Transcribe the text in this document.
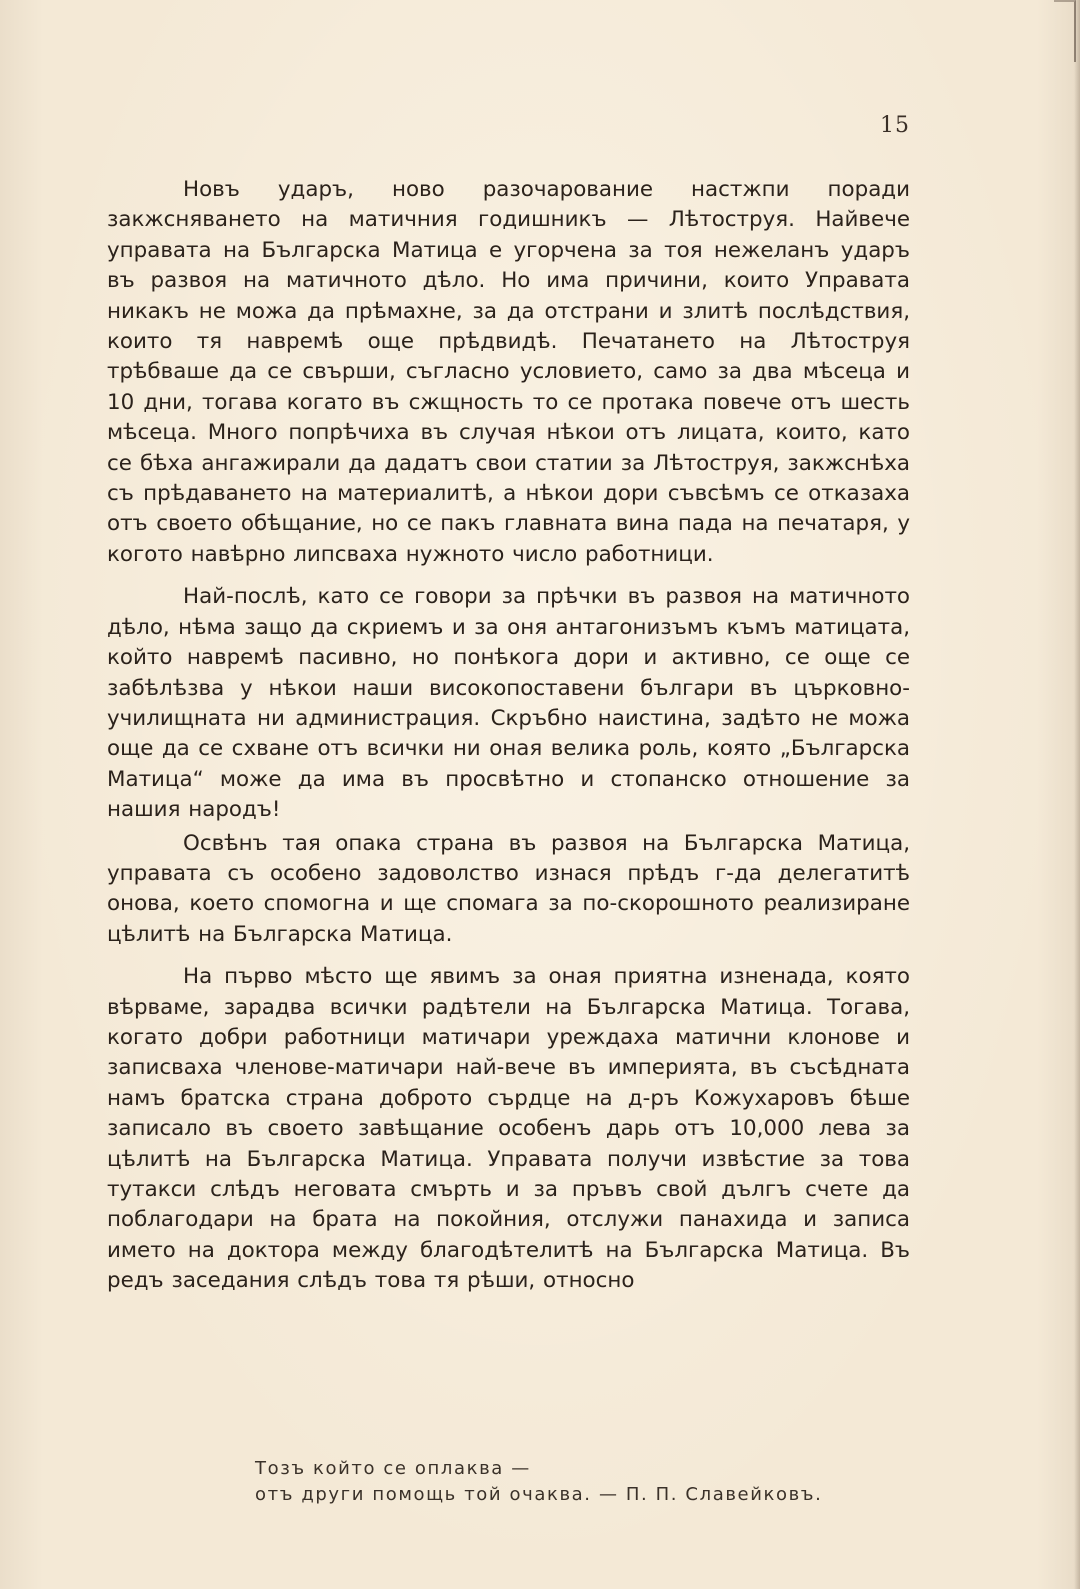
15

Новъ ударъ, ново разочарование настжпи поради закжсняването на матичния годишникъ — Лѣтоструя. Найвече управата на Българска Матица е угорчена за тоя нежеланъ ударъ въ развоя на матичното дѣло. Но има причини, които Управата никакъ не можа да прѣмахне, за да отстрани и злитѣ послѣдствия, които тя навремѣ още прѣдвидѣ. Печатането на Лѣтоструя трѣбваше да се свърши, съгласно условието, само за два мѣсеца и 10 дни, тогава когато въ сжщность то се протака повече отъ шесть мѣсеца. Много попрѣчиха въ случая нѣкои отъ лицата, които, като се бѣха ангажирали да дадатъ свои статии за Лѣтоструя, закжснѣха съ прѣдаването на материалитѣ, а нѣкои дори съвсѣмъ се отказаха отъ своето обѣщание, но се пакъ главната вина пада на печатаря, у когото навѣрно липсваха нужното число работници.

Най-послѣ, като се говори за прѣчки въ развоя на матичното дѣло, нѣма защо да скриемъ и за оня антагонизъмъ къмъ матицата, който навремѣ пасивно, но понѣкога дори и активно, се още се забѣлѣзва у нѣкои наши високопоставени българи въ църковно-училищната ни администрация. Скръбно наистина, задѣто не можа още да се схване отъ всички ни оная велика роль, която „Българска Матица“ може да има въ просвѣтно и стопанско отношение за нашия народъ!

Освѣнъ тая опака страна въ развоя на Българска Матица, управата съ особено задоволство изнася прѣдъ г-да делегатитѣ онова, което спомогна и ще спомага за по-скорошното реализиране цѣлитѣ на Българска Матица.

На първо мѣсто ще явимъ за оная приятна изненада, която вѣрваме, зарадва всички радѣтели на Българска Матица. Тогава, когато добри работници матичари уреждаха матични клонове и записваха членове-матичари най-вече въ империята, въ съсѣдната намъ братска страна доброто сърдце на д-ръ Кожухаровъ бѣше записало въ своето завѣщание особенъ дарь отъ 10,000 лева за цѣлитѣ на Българска Матица. Управата получи извѣстие за това тутакси слѣдъ неговата смърть и за пръвъ свой дългъ счете да поблагодари на брата на покойния, отслужи панахида и записа името на доктора между благодѣтелитѣ на Българска Матица. Въ редъ заседания слѣдъ това тя рѣши, относно

Тозъ който се оплаква —
отъ други помощь той очаква. — П. П. Славейковъ.
